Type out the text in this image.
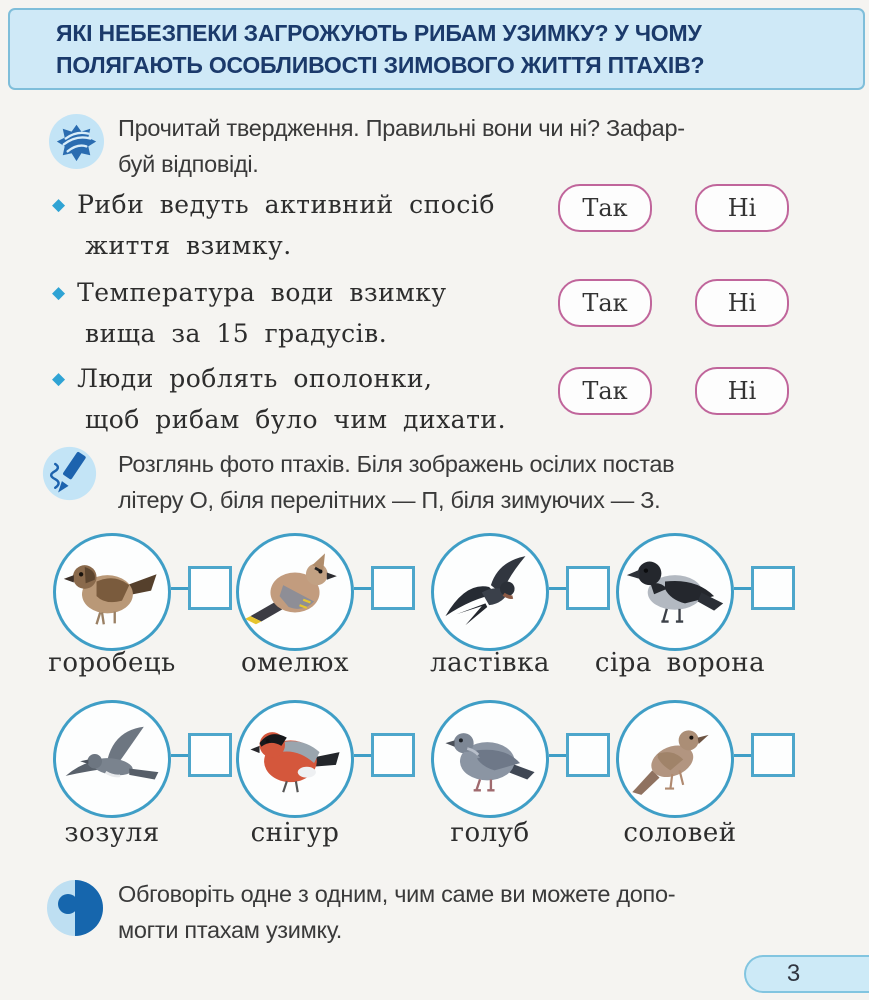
ЯКІ НЕБЕЗПЕКИ ЗАГРОЖУЮТЬ РИБАМ УЗИМКУ? У ЧОМУ
ПОЛЯГАЮТЬ ОСОБЛИВОСТІ ЗИМОВОГО ЖИТТЯ ПТАХІВ?
Прочитай твердження. Правильні вони чи ні? Зафар-
буй відповіді.
◆ Риби ведуть активний спосіб
життя взимку.
Так	Ні
◆ Температура води взимку
вища за 15 градусів.
Так	Ні
◆ Люди роблять ополонки,
щоб рибам було чим дихати.
Так	Ні
Розглянь фото птахів. Біля зображень осілих постав
літеру О, біля перелітних — П, біля зимуючих — З.
горобець	омелюх	ластівка	сіра ворона
зозуля	снігур	голуб	соловей
Обговоріть одне з одним, чим саме ви можете допо-
могти птахам узимку.
3
